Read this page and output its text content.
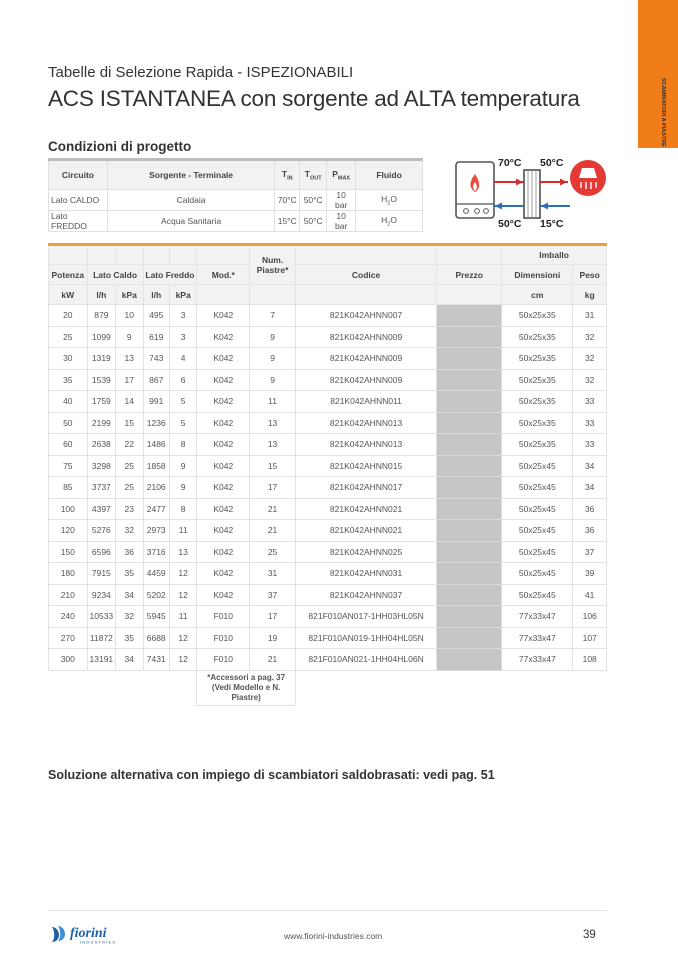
SCAMBIATORI A PIASTRE
Tabelle di Selezione Rapida - ISPEZIONABILI
ACS ISTANTANEA con sorgente ad ALTA temperatura
Condizioni di progetto
Circuito	Sorgente - Terminale	$T_{IN}$	$T_{OUT}$	$P_{MAX}$	Fluido
Lato CALDO	Caldaia	70°C	50°C	10 bar	$H_2O$
Lato FREDDO	Acqua Sanitaria	15°C	50°C	10 bar	$H_2O$
70°C 50°C
50°C 15°C
						Num. Piastre*			Imballo	
Potenza	Lato Caldo		Lato Freddo		Mod.*		Codice	Prezzo	Dimensioni	Peso
kW	l/h	kPa	l/h	kPa					cm	kg
20	879	10	495	3	K042	7	821K042AHNN007		50x25x35	31
25	1099	9	619	3	K042	9	821K042AHNN009		50x25x35	32
30	1319	13	743	4	K042	9	821K042AHNN009		50x25x35	32
35	1539	17	867	6	K042	9	821K042AHNN009		50x25x35	32
40	1759	14	991	5	K042	11	821K042AHNN011		50x25x35	33
50	2199	15	1236	5	K042	13	821K042AHNN013		50x25x35	33
60	2638	22	1486	8	K042	13	821K042AHNN013		50x25x35	33
75	3298	25	1858	9	K042	15	821K042AHNN015		50x25x45	34
85	3737	25	2106	9	K042	17	821K042AHNN017		50x25x45	34
100	4397	23	2477	8	K042	21	821K042AHNN021		50x25x45	36
120	5276	32	2973	11	K042	21	821K042AHNN021		50x25x45	36
150	6596	36	3716	13	K042	25	821K042AHNN025		50x25x45	37
180	7915	35	4459	12	K042	31	821K042AHNN031		50x25x45	39
210	9234	34	5202	12	K042	37	821K042AHNN037		50x25x45	41
240	10533	32	5945	11	F010	17	821F010AN017-1HH03HL05N		77x33x47	106
270	11872	35	6688	12	F010	19	821F010AN019-1HH04HL05N		77x33x47	107
300	13191	34	7431	12	F010	21	821F010AN021-1HH04HL06N		77x33x47	108
					*Accessori a pag. 37 (Vedi Modello e N. Piastre)					
Soluzione alternativa con impiego di scambiatori saldobrasati: vedi pag. 51
fiorini
INDUSTRIES
www.fiorini-industries.com	39
